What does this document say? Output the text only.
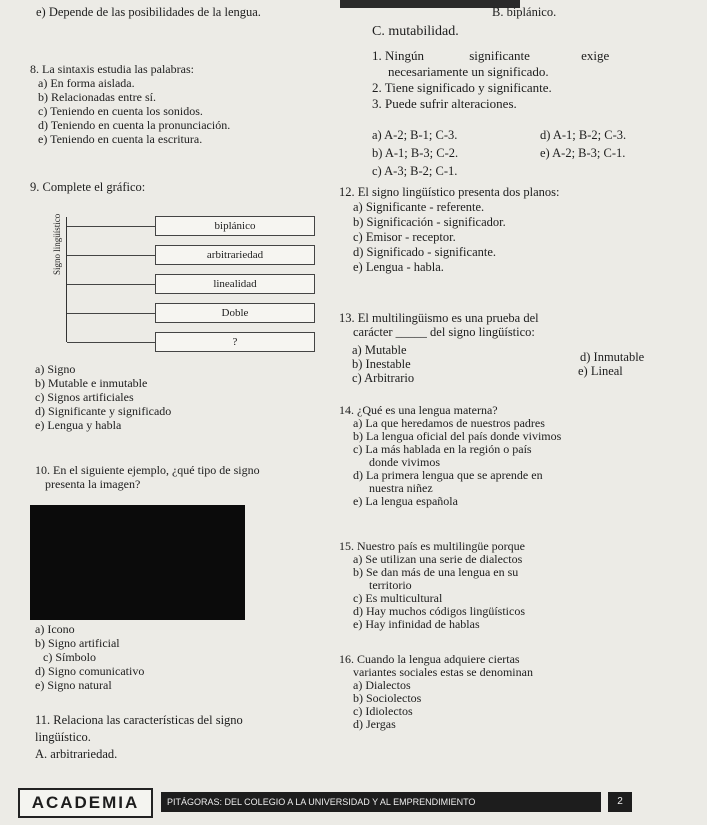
e) Depende de las posibilidades de la lengua.
8. La sintaxis estudia las palabras:
a) En forma aislada.
b) Relacionadas entre sí.
c) Teniendo en cuenta los sonidos.
d) Teniendo en cuenta la pronunciación.
e) Teniendo en cuenta la escritura.
9. Complete el gráfico:
Signo lingüístico	biplánico
arbitrariedad
linealidad
Doble
?
a) Signo
b) Mutable e inmutable
c) Signos artificiales
d) Significante y significado
e) Lengua y habla
10. En el siguiente ejemplo, ¿qué tipo de signo
presenta la imagen?
a) Icono
b) Signo artificial
c) Símbolo
d) Signo comunicativo
e) Signo natural
11. Relaciona las características del signo
lingüístico.
A. arbitrariedad.
B. biplánico.
C. mutabilidad.
1. Ningún	significante	exige
necesariamente un significado.
2. Tiene significado y significante.
3. Puede sufrir alteraciones.
a) A-2; B-1; C-3.	d) A-1; B-2; C-3.
b) A-1; B-3; C-2.	e) A-2; B-3; C-1.
c) A-3; B-2; C-1.
12. El signo lingüístico presenta dos planos:
a) Significante - referente.
b) Significación - significador.
c) Emisor - receptor.
d) Significado - significante.
e) Lengua - habla.
13. El multilingüismo es una prueba del
carácter _____ del signo lingüístico:
a) Mutable	d) Inmutable
b) Inestable	e) Lineal
c) Arbitrario
14. ¿Qué es una lengua materna?
a) La que heredamos de nuestros padres
b) La lengua oficial del país donde vivimos
c) La más hablada en la región o país
donde vivimos
d) La primera lengua que se aprende en
nuestra niñez
e) La lengua española
15. Nuestro país es multilingüe porque
a) Se utilizan una serie de dialectos
b) Se dan más de una lengua en su
territorio
c) Es multicultural
d) Hay muchos códigos lingüísticos
e) Hay infinidad de hablas
16. Cuando la lengua adquiere ciertas
variantes sociales estas se denominan
a) Dialectos
b) Sociolectos
c) Idiolectos
d) Jergas
ACADEMIA	PITÁGORAS: DEL COLEGIO A LA UNIVERSIDAD Y AL EMPRENDIMIENTO	2
